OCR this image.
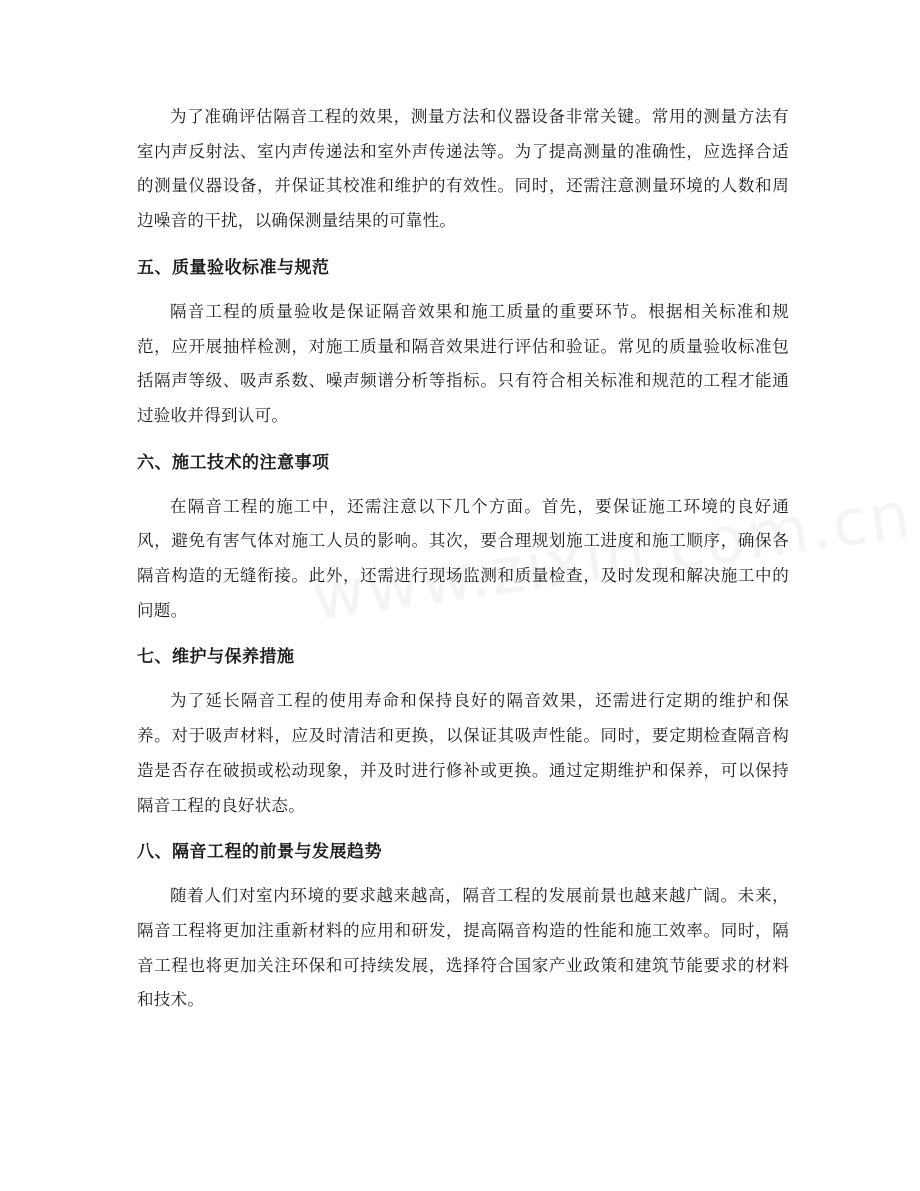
为了准确评估隔音工程的效果，测量方法和仪器设备非常关键。常用的测量方法有室内声反射法、室内声传递法和室外声传递法等。为了提高测量的准确性，应选择合适的测量仪器设备，并保证其校准和维护的有效性。同时，还需注意测量环境的人数和周边噪音的干扰，以确保测量结果的可靠性。

五、质量验收标准与规范

隔音工程的质量验收是保证隔音效果和施工质量的重要环节。根据相关标准和规范，应开展抽样检测，对施工质量和隔音效果进行评估和验证。常见的质量验收标准包括隔声等级、吸声系数、噪声频谱分析等指标。只有符合相关标准和规范的工程才能通过验收并得到认可。

六、施工技术的注意事项

在隔音工程的施工中，还需注意以下几个方面。首先，要保证施工环境的良好通风，避免有害气体对施工人员的影响。其次，要合理规划施工进度和施工顺序，确保各隔音构造的无缝衔接。此外，还需进行现场监测和质量检查，及时发现和解决施工中的问题。

七、维护与保养措施

为了延长隔音工程的使用寿命和保持良好的隔音效果，还需进行定期的维护和保养。对于吸声材料，应及时清洁和更换，以保证其吸声性能。同时，要定期检查隔音构造是否存在破损或松动现象，并及时进行修补或更换。通过定期维护和保养，可以保持隔音工程的良好状态。

八、隔音工程的前景与发展趋势

随着人们对室内环境的要求越来越高，隔音工程的发展前景也越来越广阔。未来，隔音工程将更加注重新材料的应用和研发，提高隔音构造的性能和施工效率。同时，隔音工程也将更加关注环保和可持续发展，选择符合国家产业政策和建筑节能要求的材料和技术。
